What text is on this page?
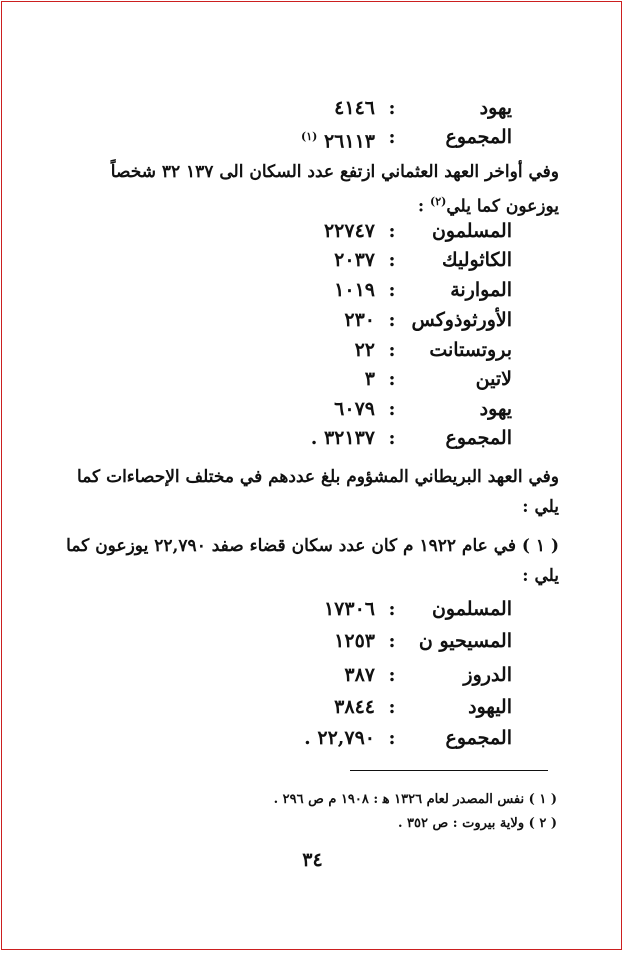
يهود
:
٤١٤٦
المجموع
:
٢٦١١٣ $^{(١)}$
وفي أواخر العهد العثماني ازتفع عدد السكان الى ١٣٧ ٣٢ شخصاً يوزعون كما يلي$^{(٢)}$ :
المسلمون
:
٢٢٧٤٧
الكاثوليك
:
٢٠٣٧
الموارنة
:
١٠١٩
الأورثوذوكس
:
٢٣٠
بروتستانت
:
٢٢
لاتين
:
٣
يهود
:
٦٠٧٩
المجموع
:
٣٢١٣٧ .
وفي العهد البريطاني المشؤوم بلغ عددهم في مختلف الإحصاءات كما يلي :
( ١ ) في عام ١٩٢٢ م كان عدد سكان قضاء صفد ٢٢,٧٩٠ يوزعون كما يلي :
المسلمون
:
١٧٣٠٦
المسيحيو ن
:
١٢٥٣
الدروز
:
٣٨٧
اليهود
:
٣٨٤٤
المجموع
:
٢٢,٧٩٠ .
( ١ ) نفس المصدر لعام ١٣٢٦ ﻫ : ١٩٠٨ م ص ٢٩٦ .
( ٢ ) ولاية بيروت : ص ٣٥٢ .
٣٤
